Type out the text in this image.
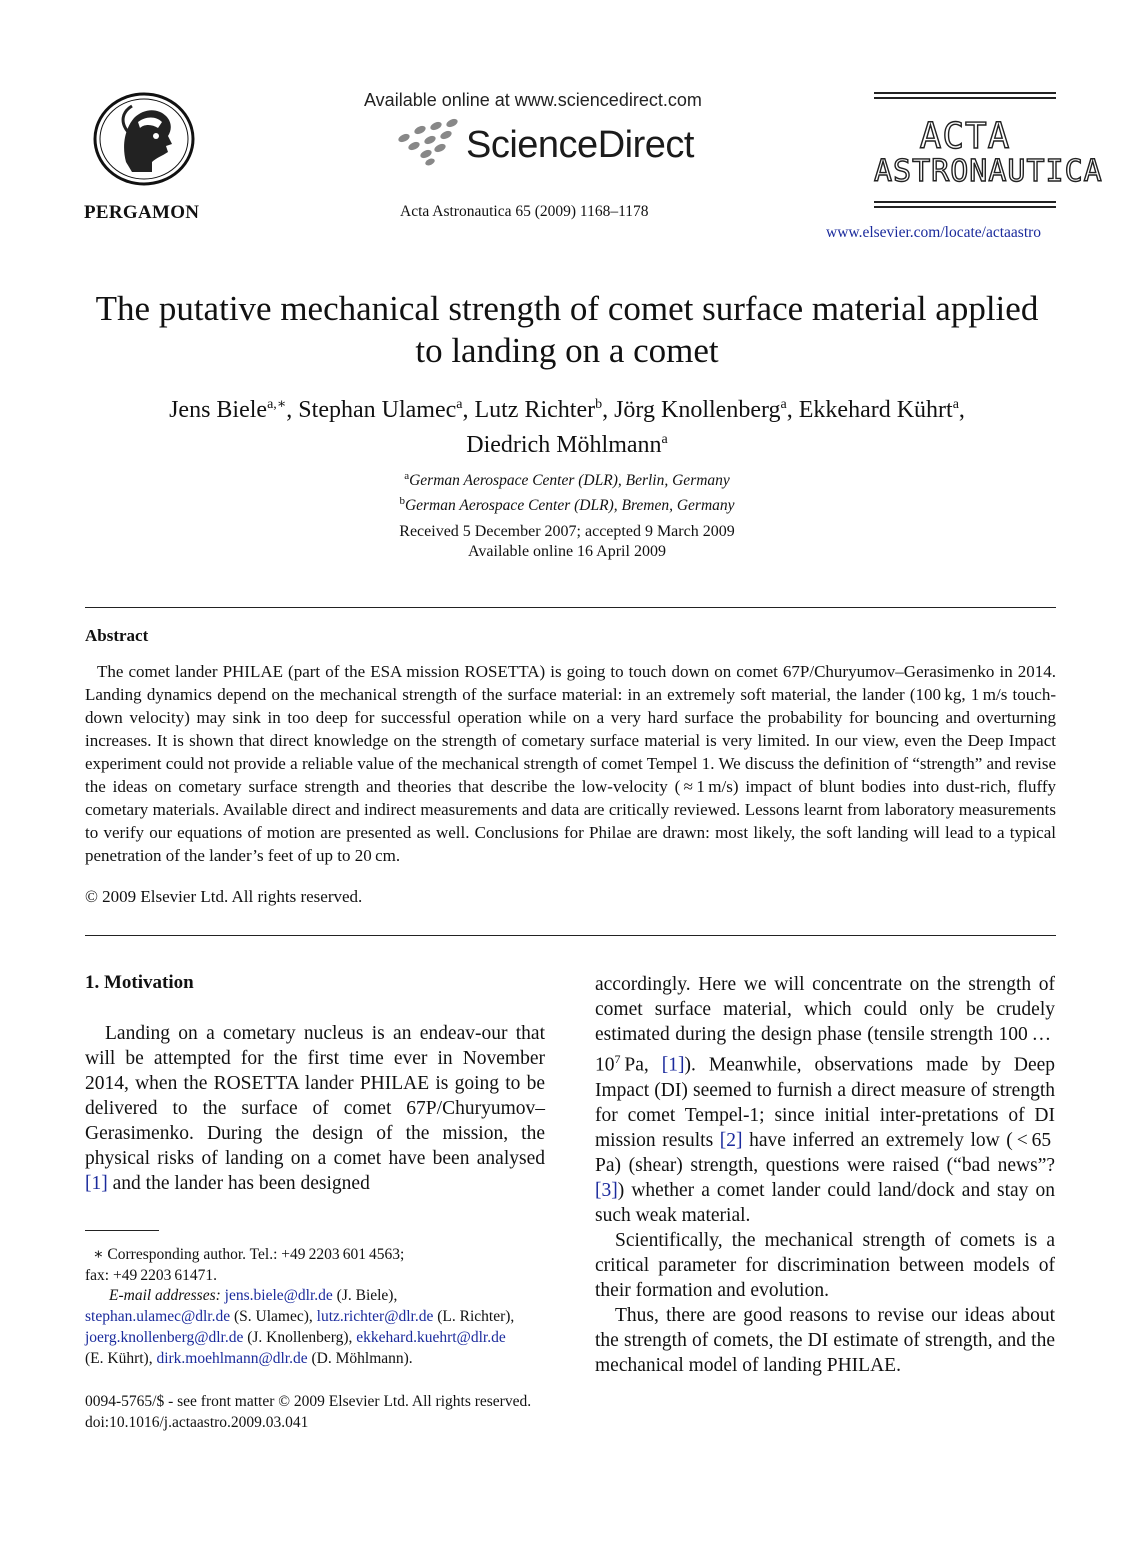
PERGAMON
Available online at www.sciencedirect.com
ScienceDirect
Acta Astronautica 65 (2009) 1168–1178
ACTA
ASTRONAUTICA
www.elsevier.com/locate/actaastro
The putative mechanical strength of comet surface material applied
to landing on a comet
Jens Biele$^{a,∗}$, Stephan Ulamec$^a$, Lutz Richter$^b$, Jörg Knollenberg$^a$, Ekkehard Kührt$^a$,
Diedrich Möhlmann$^a$
$^a$German Aerospace Center (DLR), Berlin, Germany
$^b$German Aerospace Center (DLR), Bremen, Germany
Received 5 December 2007; accepted 9 March 2009
Available online 16 April 2009
Abstract

The comet lander PHILAE (part of the ESA mission ROSETTA) is going to touch down on comet 67P/Churyumov–Gerasimenko in 2014. Landing dynamics depend on the mechanical strength of the surface material: in an extremely soft material, the lander (100 kg, 1 m/s touch-down velocity) may sink in too deep for successful operation while on a very hard surface the probability for bouncing and overturning increases. It is shown that direct knowledge on the strength of cometary surface material is very limited. In our view, even the Deep Impact experiment could not provide a reliable value of the mechanical strength of comet Tempel 1. We discuss the definition of “strength” and revise the ideas on cometary surface strength and theories that describe the low-velocity ( ≈ 1 m/s) impact of blunt bodies into dust-rich, fluffy cometary materials. Available direct and indirect measurements and data are critically reviewed. Lessons learnt from laboratory measurements to verify our equations of motion are presented as well. Conclusions for Philae are drawn: most likely, the soft landing will lead to a typical penetration of the lander’s feet of up to 20 cm.

© 2009 Elsevier Ltd. All rights reserved.
1. Motivation

Landing on a cometary nucleus is an endeav-our that will be attempted for the first time ever in November 2014, when the ROSETTA lander PHILAE is going to be delivered to the surface of comet 67P/Churyumov–Gerasimenko. During the design of the mission, the physical risks of landing on a comet have been analysed [1] and the lander has been designed

accordingly. Here we will concentrate on the strength of comet surface material, which could only be crudely estimated during the design phase (tensile strength 100 … $10^7$ Pa, [1]). Meanwhile, observations made by Deep Impact (DI) seemed to furnish a direct measure of strength for comet Tempel-1; since initial inter-pretations of DI mission results [2] have inferred an extremely low ( < 65 Pa) (shear) strength, questions were raised (“bad news”? [3]) whether a comet lander could land/dock and stay on such weak material.

Scientifically, the mechanical strength of comets is a critical parameter for discrimination between models of their formation and evolution.

Thus, there are good reasons to revise our ideas about the strength of comets, the DI estimate of strength, and the mechanical model of landing PHILAE.

∗ Corresponding author. Tel.: +49 2203 601 4563;

fax: +49 2203 61471.

E-mail addresses: jens.biele@dlr.de (J. Biele),
stephan.ulamec@dlr.de (S. Ulamec), lutz.richter@dlr.de (L. Richter),
joerg.knollenberg@dlr.de (J. Knollenberg), ekkehard.kuehrt@dlr.de
(E. Kührt), dirk.moehlmann@dlr.de (D. Möhlmann).

0094-5765/$ - see front matter © 2009 Elsevier Ltd. All rights reserved.
doi:10.1016/j.actaastro.2009.03.041
